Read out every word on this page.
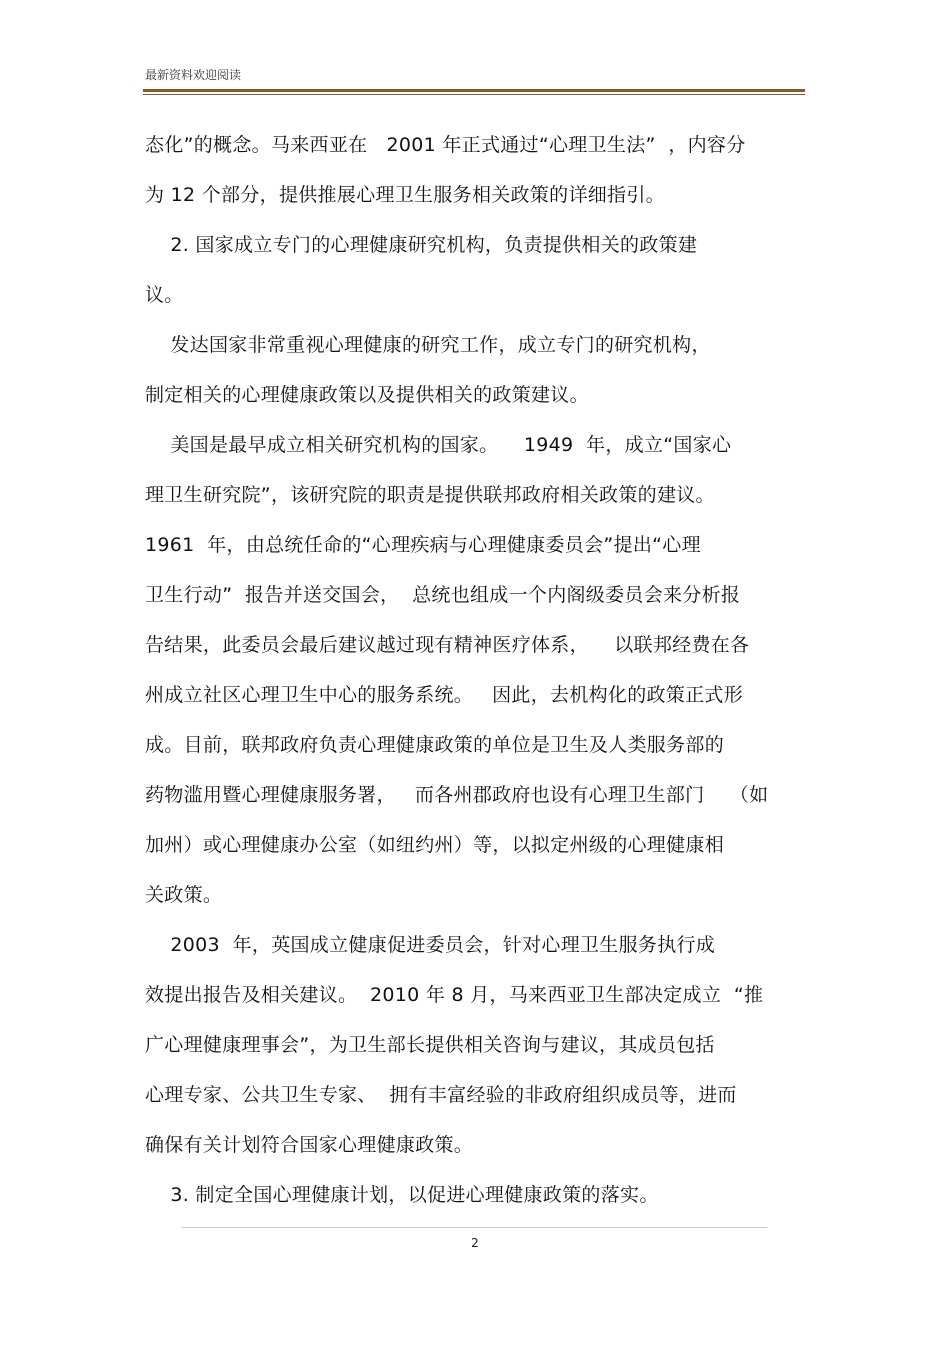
最新资料欢迎阅读
态化”的概念。马来西亚在   2001 年正式通过“心理卫生法”  ，内容分
为 12 个部分，提供推展心理卫生服务相关政策的详细指引。
2. 国家成立专门的心理健康研究机构，负责提供相关的政策建
议。
发达国家非常重视心理健康的研究工作，成立专门的研究机构，
制定相关的心理健康政策以及提供相关的政策建议。
美国是最早成立相关研究机构的国家。    1949  年，成立“国家心
理卫生研究院”，该研究院的职责是提供联邦政府相关政策的建议。
1961  年，由总统任命的“心理疾病与心理健康委员会”提出“心理
卫生行动”  报告并送交国会，  总统也组成一个内阁级委员会来分析报
告结果，此委员会最后建议越过现有精神医疗体系，    以联邦经费在各
州成立社区心理卫生中心的服务系统。   因此，去机构化的政策正式形
成。目前，联邦政府负责心理健康政策的单位是卫生及人类服务部的
药物滥用暨心理健康服务署，   而各州郡政府也设有心理卫生部门    （如
加州）或心理健康办公室（如纽约州）等，以拟定州级的心理健康相
关政策。
2003  年，英国成立健康促进委员会，针对心理卫生服务执行成
效提出报告及相关建议。  2010 年 8 月，马来西亚卫生部决定成立  “推
广心理健康理事会”，为卫生部长提供相关咨询与建议，其成员包括
心理专家、公共卫生专家、  拥有丰富经验的非政府组织成员等，进而
确保有关计划符合国家心理健康政策。
3. 制定全国心理健康计划，以促进心理健康政策的落实。
2
